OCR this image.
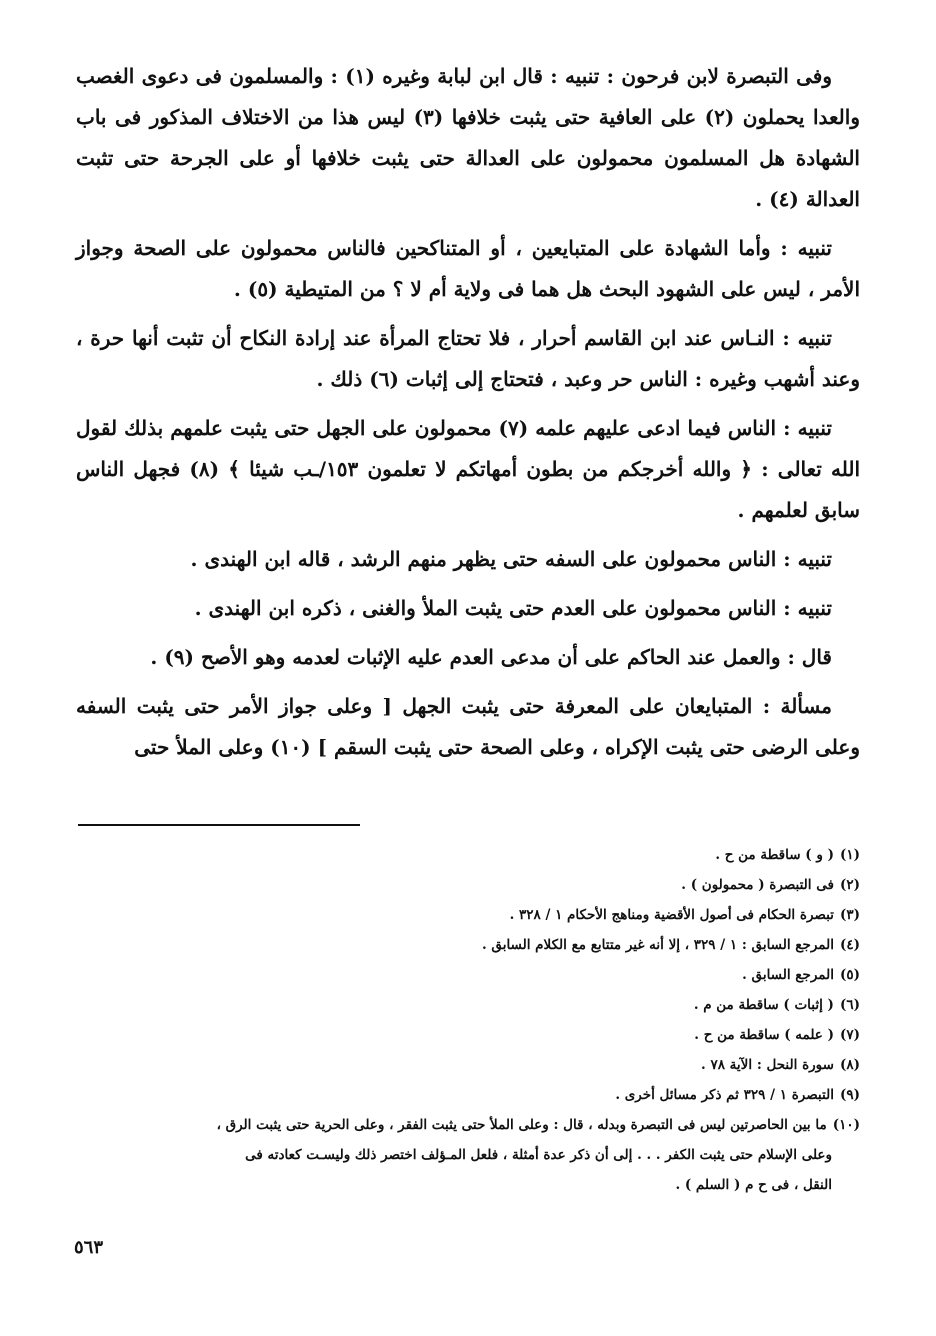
وفى التبصرة لابن فرحون : تنبيه : قال ابن لبابة وغيره (١) : والمسلمون فى دعوى الغصب والعدا يحملون (٢) على العافية حتى يثبت خلافها (٣) ليس هذا من الاختلاف المذكور فى باب الشهادة هل المسلمون محمولون على العدالة حتى يثبت خلافها أو على الجرحة حتى تثبت العدالة (٤) .

تنبيه : وأما الشهادة على المتبايعين ، أو المتناكحين فالناس محمولون على الصحة وجواز الأمر ، ليس على الشهود البحث هل هما فى ولاية أم لا ؟ من المتيطية (٥) .

تنبيه : النـاس عند ابن القاسم أحرار ، فلا تحتاج المرأة عند إرادة النكاح أن تثبت أنها حرة ، وعند أشهب وغيره : الناس حر وعبد ، فتحتاج إلى إثبات (٦) ذلك .

تنبيه : الناس فيما ادعى عليهم علمه (٧) محمولون على الجهل حتى يثبت علمهم بذلك لقول الله تعالى : ﴿ والله أخرجكم من بطون أمهاتكم لا تعلمون ١٥٣/ـب شيئا ﴾ (٨) فجهل الناس سابق لعلمهم .

تنبيه : الناس محمولون على السفه حتى يظهر منهم الرشد ، قاله ابن الهندى .

تنبيه : الناس محمولون على العدم حتى يثبت الملأ والغنى ، ذكره ابن الهندى .

قال : والعمل عند الحاكم على أن مدعى العدم عليه الإثبات لعدمه وهو الأصح (٩) .

مسألة : المتبايعان على المعرفة حتى يثبت الجهل [ وعلى جواز الأمر حتى يثبت السفه وعلى الرضى حتى يثبت الإكراه ، وعلى الصحة حتى يثبت السقم ] (١٠) وعلى الملأ حتى

(١)( و ) ساقطة من ح .

(٢)فى التبصرة ( محمولون ) .

(٣)تبصرة الحكام فى أصول الأقضية ومناهج الأحكام ١ / ٣٢٨ .

(٤)المرجع السابق : ١ / ٣٢٩ ، إلا أنه غير متتابع مع الكلام السابق .

(٥)المرجع السابق .

(٦)( إثبات ) ساقطة من م .

(٧)( علمه ) ساقطة من ح .

(٨)سورة النحل : الآية ٧٨ .

(٩)التبصرة ١ / ٣٢٩ ثم ذكر مسائل أخرى .

(١٠)ما بين الحاصرتين ليس فى التبصرة وبدله ، قال : وعلى الملأ حتى يثبت الفقر ، وعلى الحرية حتى يثبت الرق ،
وعلى الإسلام حتى يثبت الكفر . . . إلى أن ذكر عدة أمثلة ، فلعل المـؤلف اختصر ذلك وليسـت كعادته فى
النقل ، فى ح م ( السلم ) .

٥٦٣
